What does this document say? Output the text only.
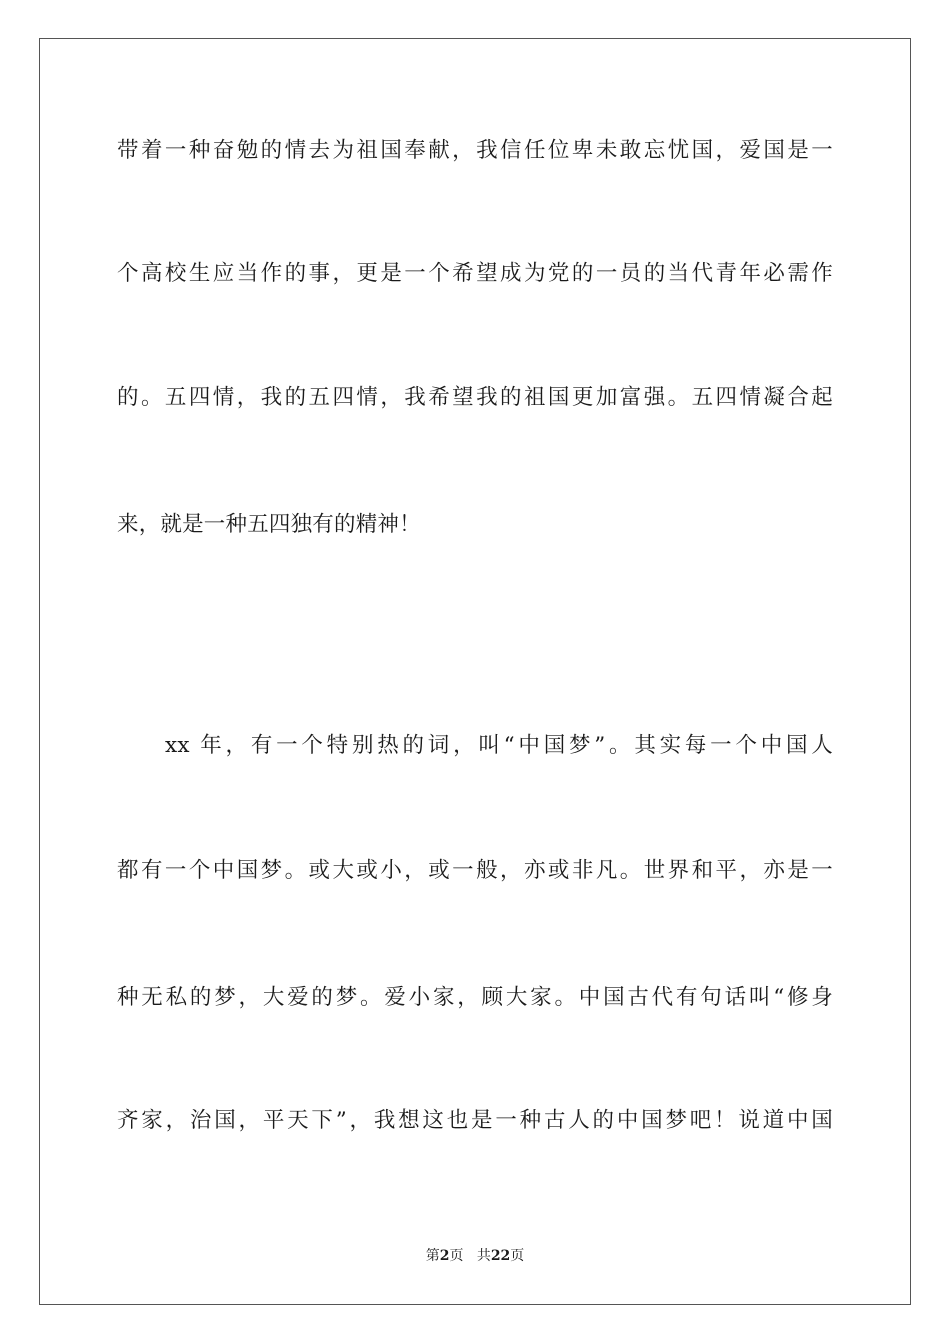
带着一种奋勉的情去为祖国奉献，我信任位卑未敢忘忧国，爱国是一
个高校生应当作的事，更是一个希望成为党的一员的当代青年必需作
的。五四情，我的五四情，我希望我的祖国更加富强。五四情凝合起
来，就是一种五四独有的精神！
xx 年，有一个特别热的词，叫“中国梦”。其实每一个中国人
都有一个中国梦。或大或小，或一般，亦或非凡。世界和平，亦是一
种无私的梦，大爱的梦。爱小家，顾大家。中国古代有句话叫“修身
齐家，治国，平天下”，我想这也是一种古人的中国梦吧！说道中国
第2页 共22页
